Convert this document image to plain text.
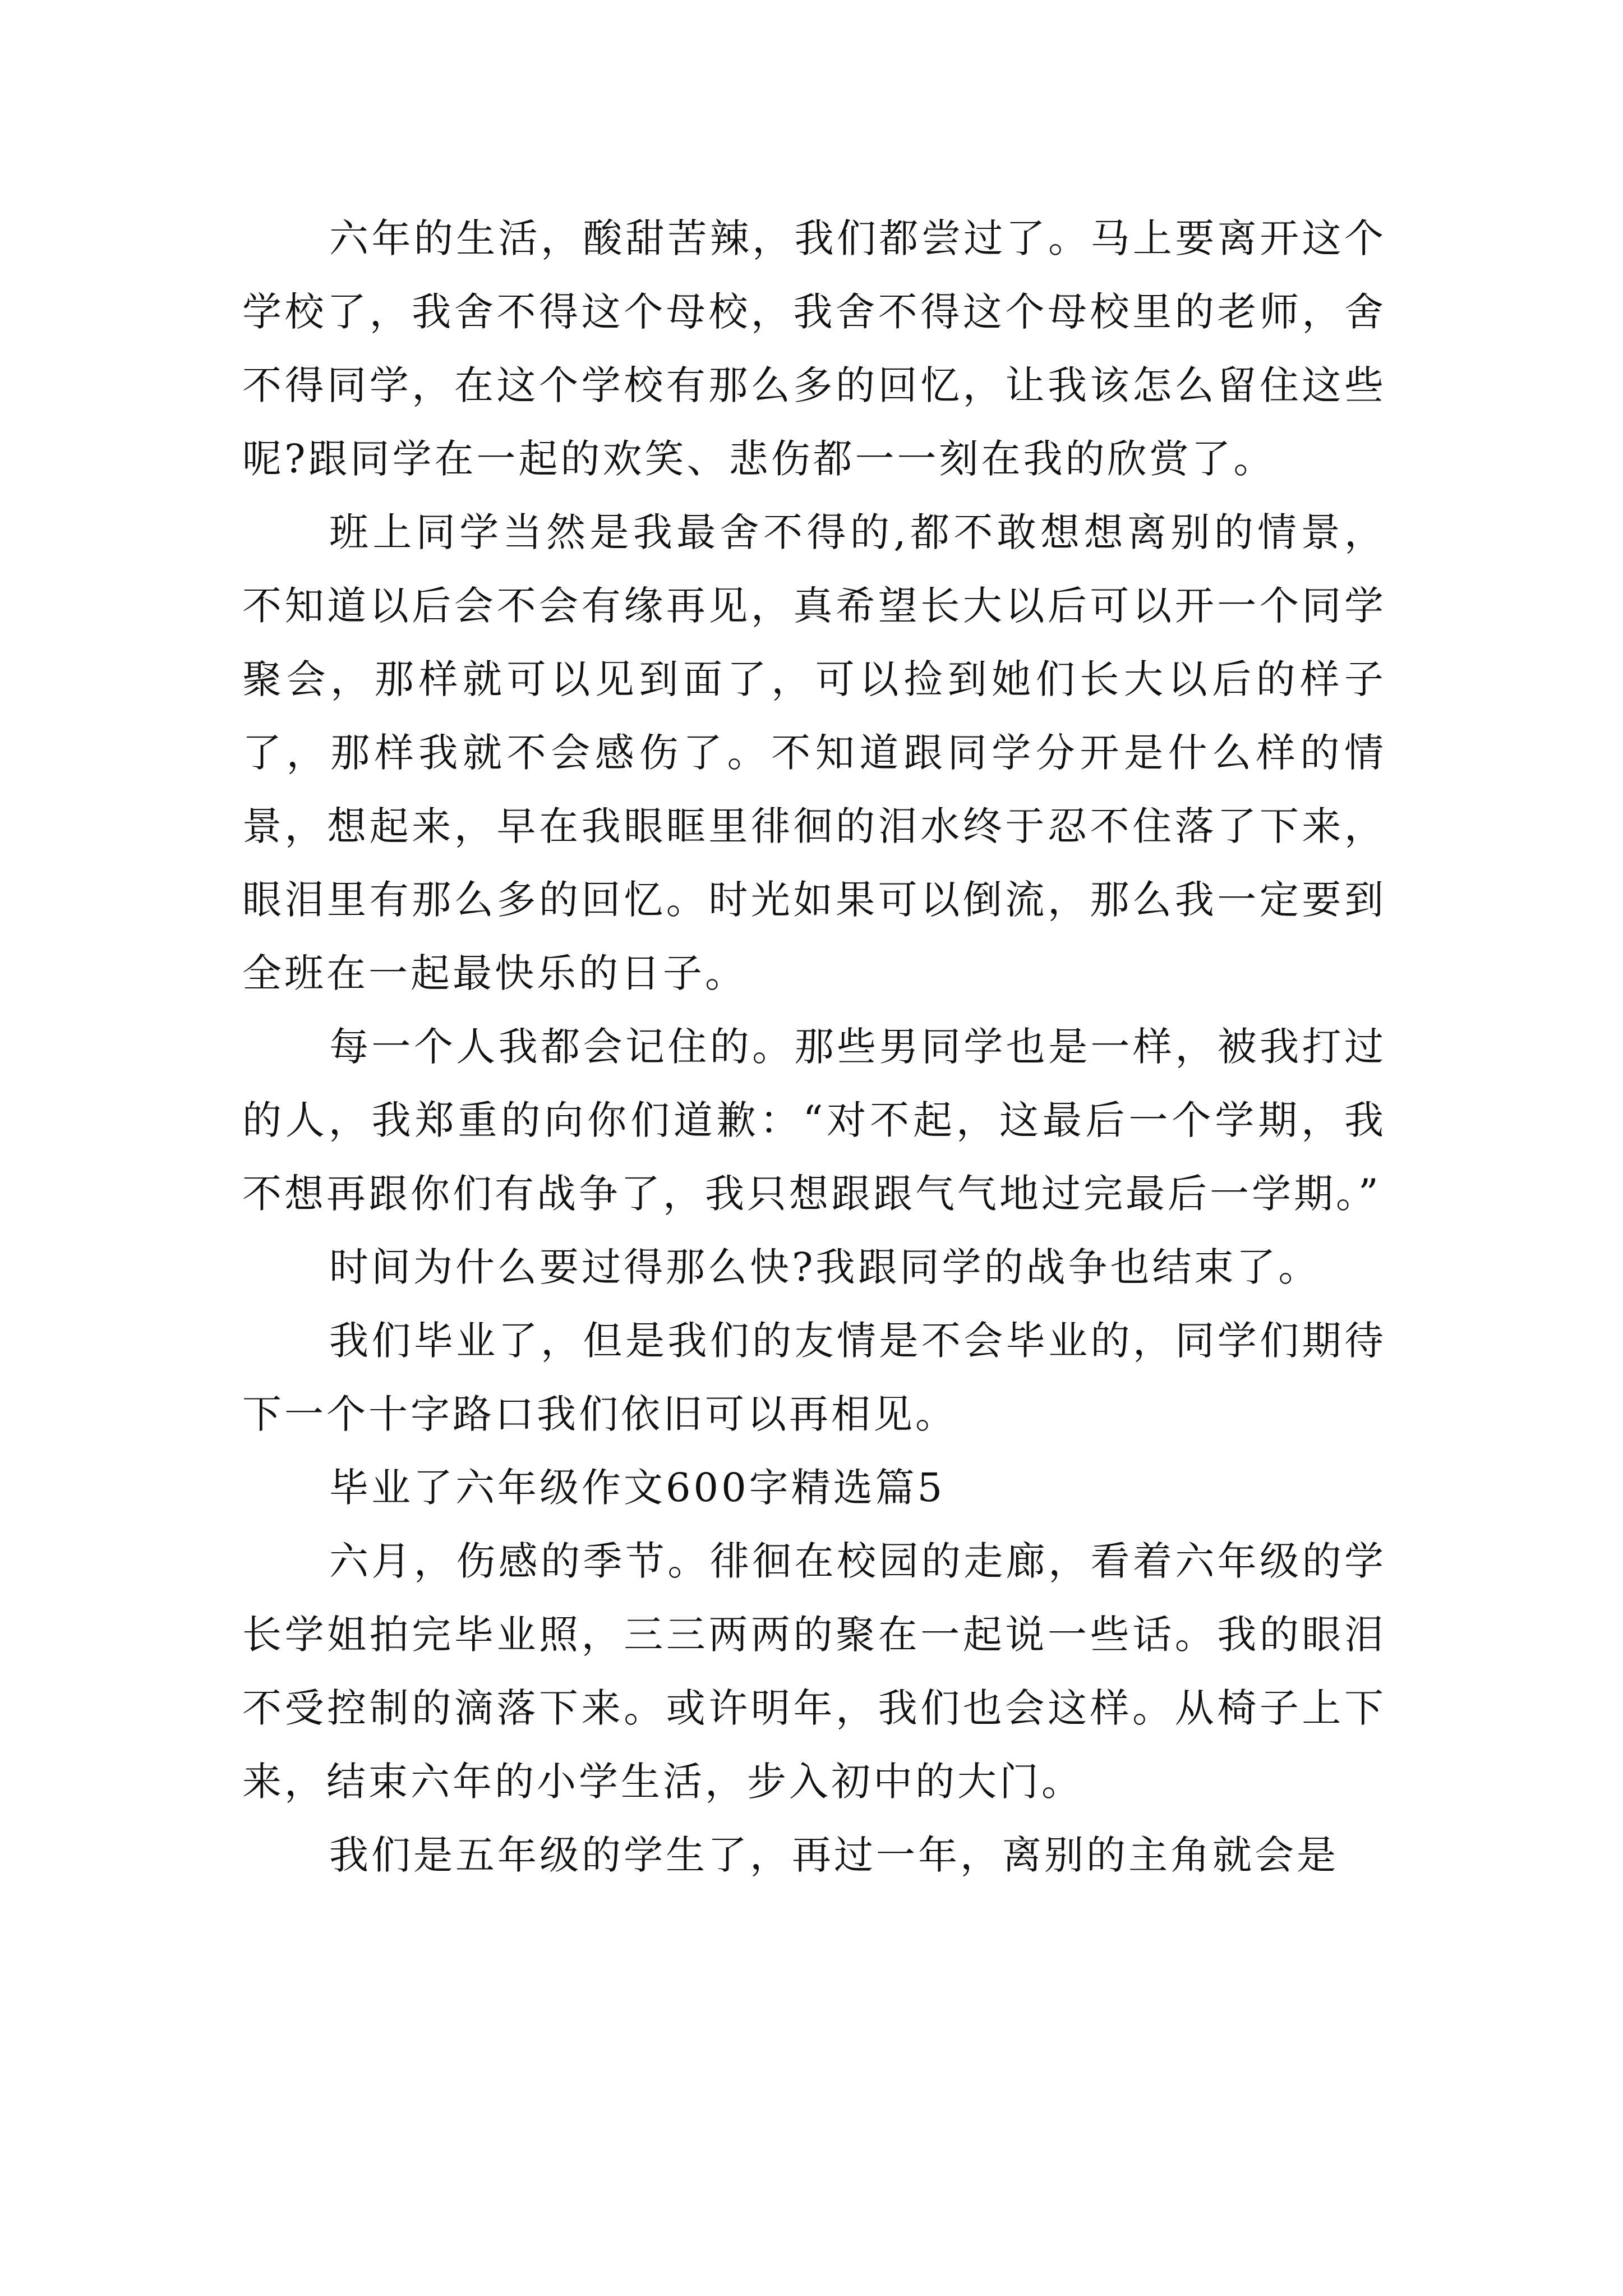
六年的生活，酸甜苦辣，我们都尝过了。马上要离开这个学校了，我舍不得这个母校，我舍不得这个母校里的老师，舍不得同学，在这个学校有那么多的回忆，让我该怎么留住这些呢?跟同学在一起的欢笑、悲伤都一一刻在我的欣赏了。

班上同学当然是我最舍不得的,都不敢想想离别的情景，不知道以后会不会有缘再见，真希望长大以后可以开一个同学聚会，那样就可以见到面了，可以捡到她们长大以后的样子了，那样我就不会感伤了。不知道跟同学分开是什么样的情景，想起来，早在我眼眶里徘徊的泪水终于忍不住落了下来，眼泪里有那么多的回忆。时光如果可以倒流，那么我一定要到全班在一起最快乐的日子。

每一个人我都会记住的。那些男同学也是一样，被我打过的人，我郑重的向你们道歉：“对不起，这最后一个学期，我不想再跟你们有战争了，我只想跟跟气气地过完最后一学期。”

时间为什么要过得那么快?我跟同学的战争也结束了。

我们毕业了，但是我们的友情是不会毕业的，同学们期待下一个十字路口我们依旧可以再相见。

毕业了六年级作文600字精选篇5

六月，伤感的季节。徘徊在校园的走廊，看着六年级的学长学姐拍完毕业照，三三两两的聚在一起说一些话。我的眼泪不受控制的滴落下来。或许明年，我们也会这样。从椅子上下来，结束六年的小学生活，步入初中的大门。

我们是五年级的学生了，再过一年，离别的主角就会是
